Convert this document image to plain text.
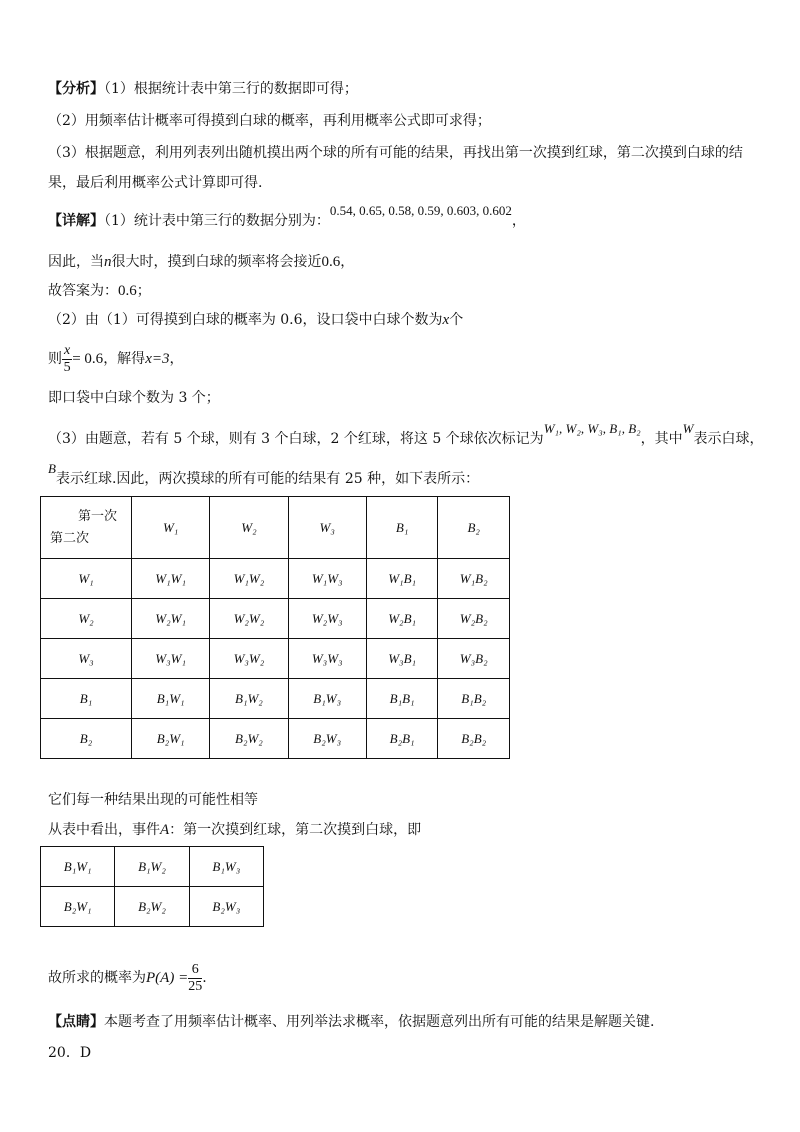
【分析】（1）根据统计表中第三行的数据即可得；
（2）用频率估计概率可得摸到白球的概率，再利用概率公式即可求得；
（3）根据题意，利用列表列出随机摸出两个球的所有可能的结果，再找出第一次摸到红球，第二次摸到白球的结
果，最后利用概率公式计算即可得.
【详解】（1）统计表中第三行的数据分别为：0.54, 0.65, 0.58, 0.59, 0.603, 0.602，
因此，当n很大时，摸到白球的频率将会接近0.6，
故答案为：0.6；
（2）由（1）可得摸到白球的概率为 0.6，设口袋中白球个数为x个
则 $\frac{x}{5} = 0.6$，解得x=3，
即口袋中白球个数为 3 个；
（3）由题意，若有 5 个球，则有 3 个白球，2 个红球，将这 5 个球依次标记为W₁, W₂, W₃, B₁, B₂，其中W表示白球，
B表示红球.因此，两次摸球的所有可能的结果有 25 种，如下表所示：
第一次
第二次	W₁	W₂	W₃	B₁	B₂
W₁	W₁W₁	W₁W₂	W₁W₃	W₁B₁	W₁B₂
W₂	W₂W₁	W₂W₂	W₂W₃	W₂B₁	W₂B₂
W₃	W₃W₁	W₃W₂	W₃W₃	W₃B₁	W₃B₂
B₁	B₁W₁	B₁W₂	B₁W₃	B₁B₁	B₁B₂
B₂	B₂W₁	B₂W₂	B₂W₃	B₂B₁	B₂B₂
它们每一种结果出现的可能性相等
从表中看出，事件A：第一次摸到红球，第二次摸到白球，即
B₁W₁	B₁W₂	B₁W₃
B₂W₁	B₂W₂	B₂W₃
故所求的概率为$P(A) = \frac{6}{25}$ .
【点睛】本题考查了用频率估计概率、用列举法求概率，依据题意列出所有可能的结果是解题关键.
20．D
